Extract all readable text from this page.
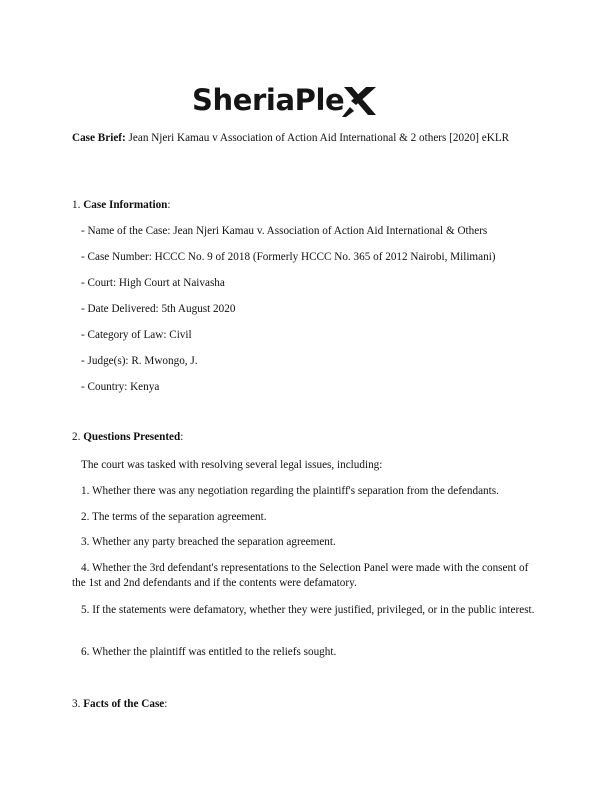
SheriaPle
Case Brief: Jean Njeri Kamau v Association of Action Aid International & 2 others [2020] eKLR
1. Case Information:
- Name of the Case: Jean Njeri Kamau v. Association of Action Aid International & Others
- Case Number: HCCC No. 9 of 2018 (Formerly HCCC No. 365 of 2012 Nairobi, Milimani)
- Court: High Court at Naivasha
- Date Delivered: 5th August 2020
- Category of Law: Civil
- Judge(s): R. Mwongo, J.
- Country: Kenya
2. Questions Presented:
The court was tasked with resolving several legal issues, including:
1. Whether there was any negotiation regarding the plaintiff's separation from the defendants.
2. The terms of the separation agreement.
3. Whether any party breached the separation agreement.
4. Whether the 3rd defendant's representations to the Selection Panel were made with the consent of the 1st and 2nd defendants and if the contents were defamatory.
5. If the statements were defamatory, whether they were justified, privileged, or in the public interest.
6. Whether the plaintiff was entitled to the reliefs sought.
3. Facts of the Case:
